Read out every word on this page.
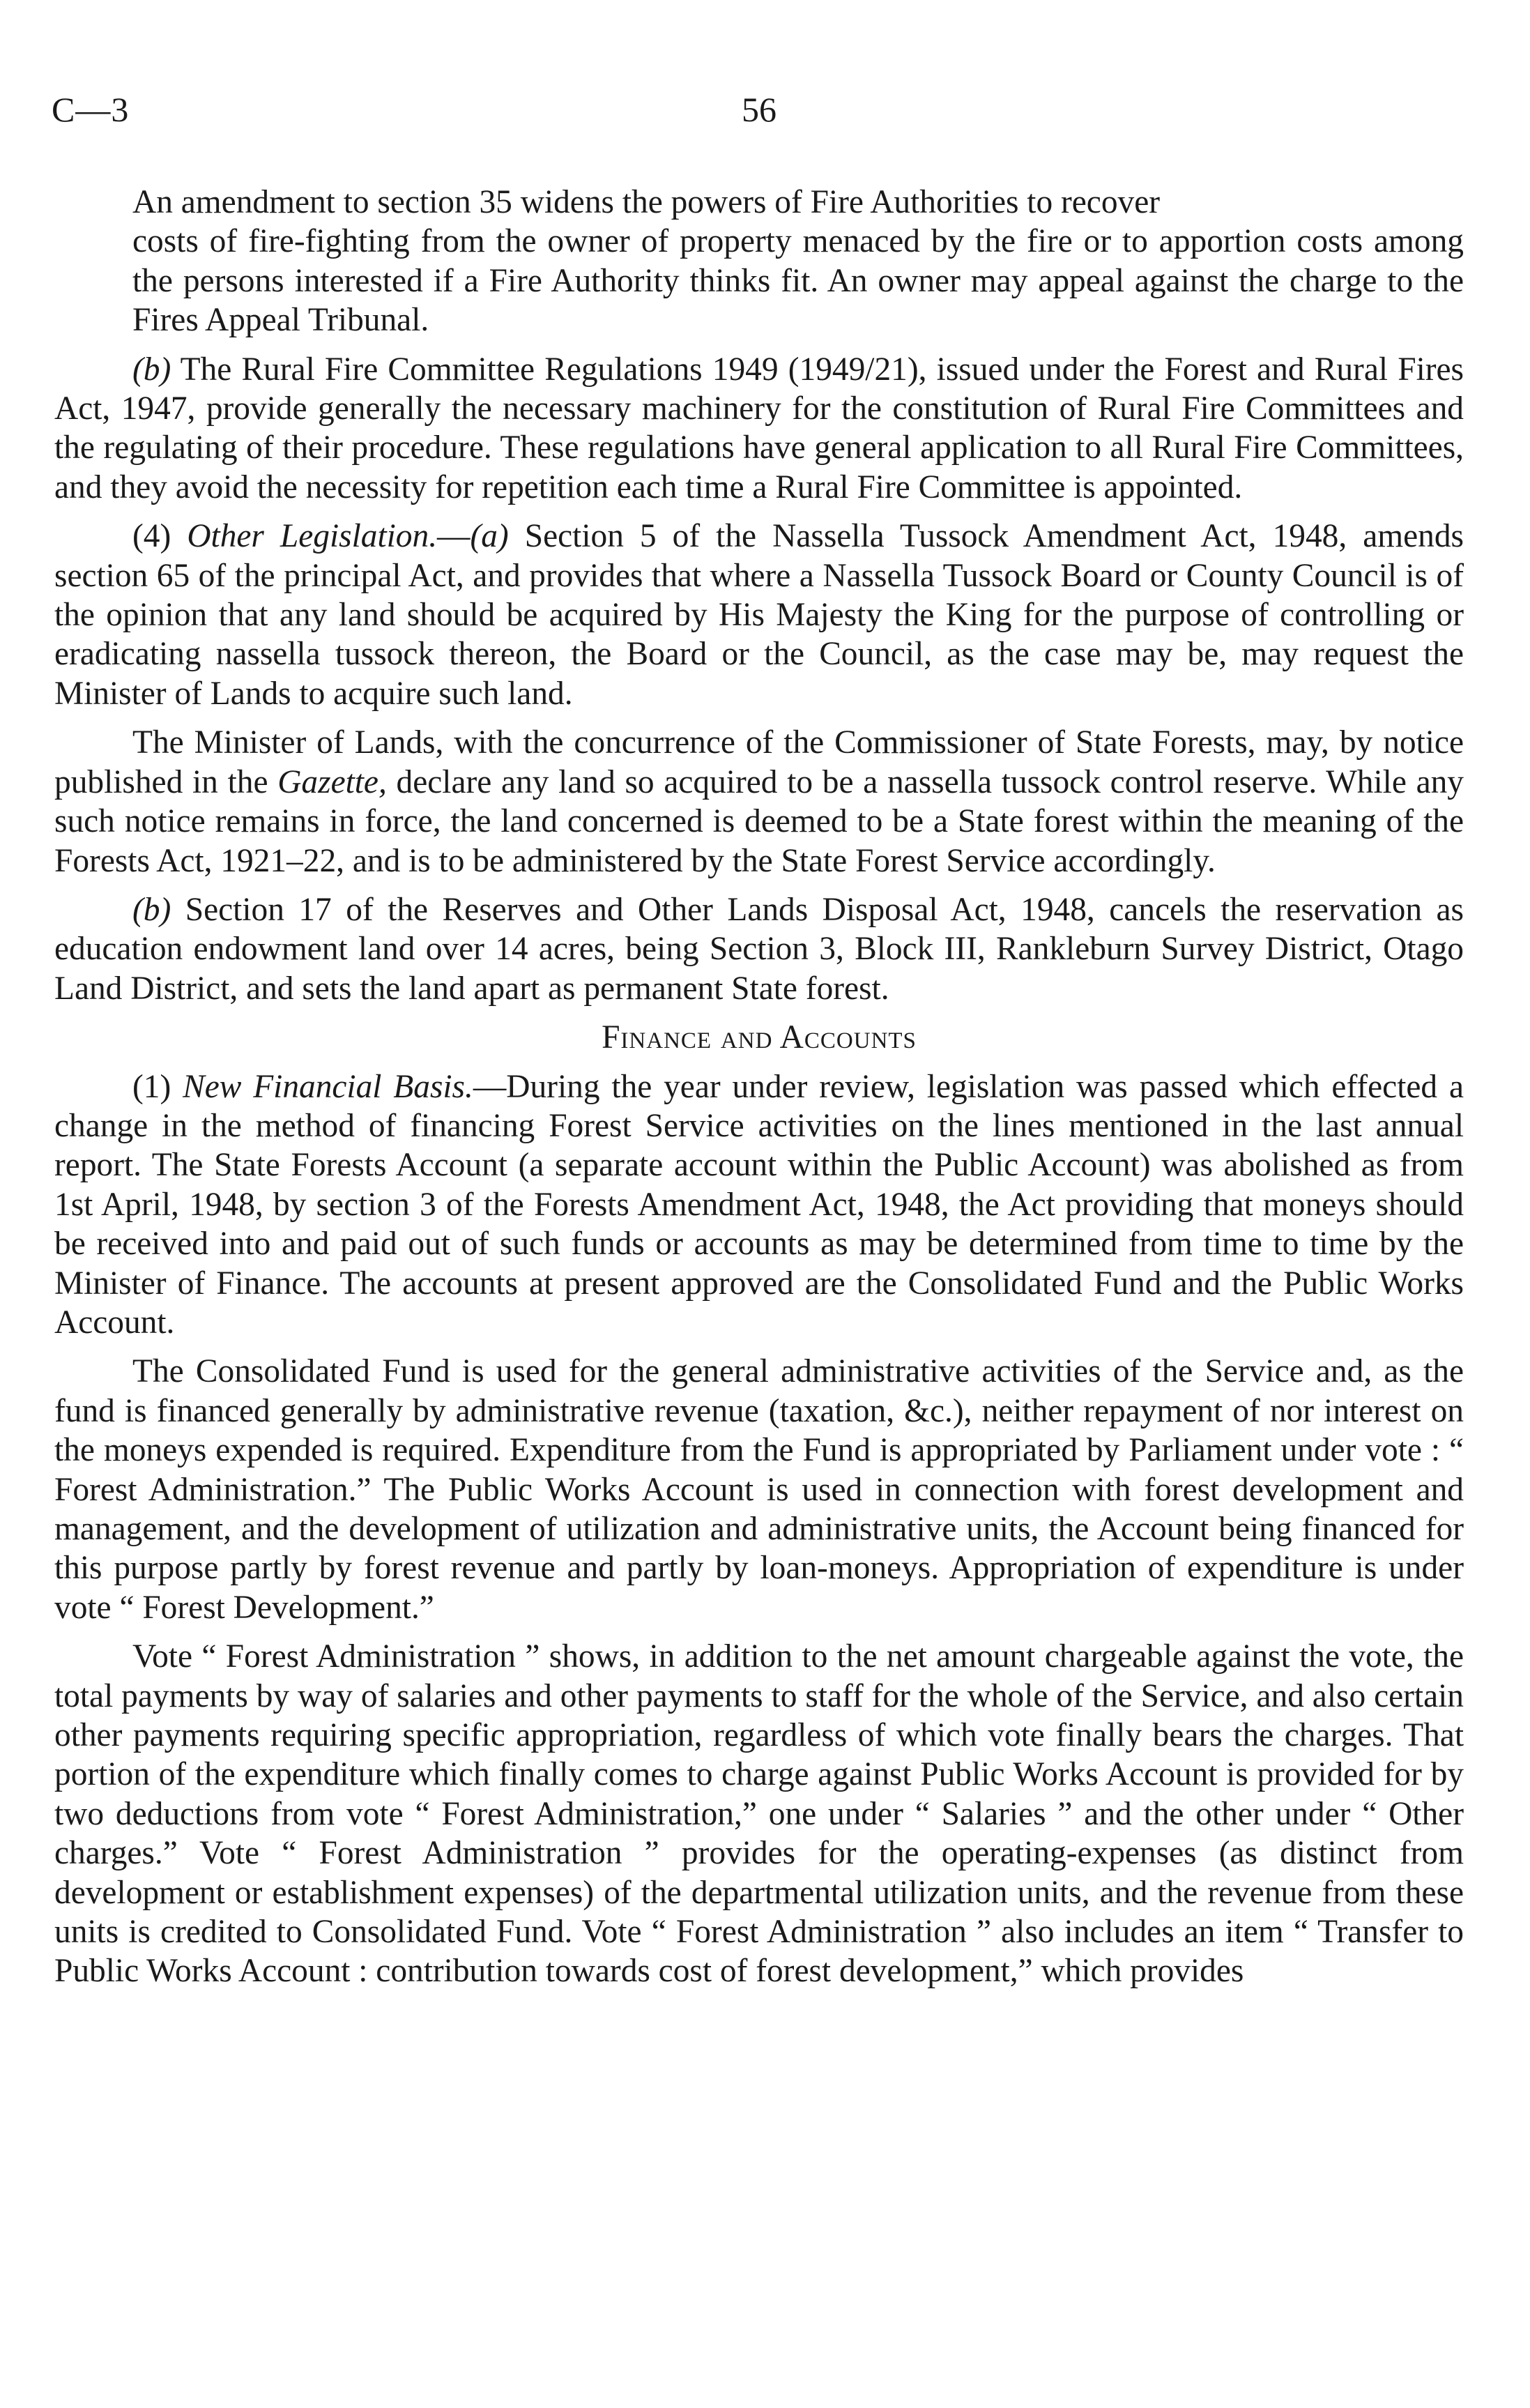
C—3	56

An amendment to section 35 widens the powers of Fire Authorities to recover
costs of fire-fighting from the owner of property menaced by the fire or to apportion costs among the persons interested if a Fire Authority thinks fit. An owner may appeal against the charge to the Fires Appeal Tribunal.

(b) The Rural Fire Committee Regulations 1949 (1949/21), issued under the Forest and Rural Fires Act, 1947, provide generally the necessary machinery for the constitution of Rural Fire Committees and the regulating of their procedure. These regulations have general application to all Rural Fire Committees, and they avoid the necessity for repetition each time a Rural Fire Committee is appointed.

(4) Other Legislation.—(a) Section 5 of the Nassella Tussock Amendment Act, 1948, amends section 65 of the principal Act, and provides that where a Nassella Tussock Board or County Council is of the opinion that any land should be acquired by His Majesty the King for the purpose of controlling or eradicating nassella tussock thereon, the Board or the Council, as the case may be, may request the Minister of Lands to acquire such land.

The Minister of Lands, with the concurrence of the Commissioner of State Forests, may, by notice published in the Gazette, declare any land so acquired to be a nassella tussock control reserve. While any such notice remains in force, the land concerned is deemed to be a State forest within the meaning of the Forests Act, 1921–22, and is to be administered by the State Forest Service accordingly.

(b) Section 17 of the Reserves and Other Lands Disposal Act, 1948, cancels the reservation as education endowment land over 14 acres, being Section 3, Block III, Rankleburn Survey District, Otago Land District, and sets the land apart as permanent State forest.

Finance and Accounts

(1) New Financial Basis.—During the year under review, legislation was passed which effected a change in the method of financing Forest Service activities on the lines mentioned in the last annual report. The State Forests Account (a separate account within the Public Account) was abolished as from 1st April, 1948, by section 3 of the Forests Amendment Act, 1948, the Act providing that moneys should be received into and paid out of such funds or accounts as may be determined from time to time by the Minister of Finance. The accounts at present approved are the Consolidated Fund and the Public Works Account.

The Consolidated Fund is used for the general administrative activities of the Service and, as the fund is financed generally by administrative revenue (taxation, &c.), neither repayment of nor interest on the moneys expended is required. Expenditure from the Fund is appropriated by Parliament under vote : “ Forest Administration.” The Public Works Account is used in connection with forest development and management, and the development of utilization and administrative units, the Account being financed for this purpose partly by forest revenue and partly by loan-moneys. Appropriation of expenditure is under vote “ Forest Development.”

Vote “ Forest Administration ” shows, in addition to the net amount chargeable against the vote, the total payments by way of salaries and other payments to staff for the whole of the Service, and also certain other payments requiring specific appropriation, regardless of which vote finally bears the charges. That portion of the expenditure which finally comes to charge against Public Works Account is provided for by two deductions from vote “ Forest Administration,” one under “ Salaries ” and the other under “ Other charges.” Vote “ Forest Administration ” provides for the operating-expenses (as distinct from development or establishment expenses) of the departmental utilization units, and the revenue from these units is credited to Consolidated Fund. Vote “ Forest Administration ” also includes an item “ Transfer to Public Works Account : contribution towards cost of forest development,” which provides
